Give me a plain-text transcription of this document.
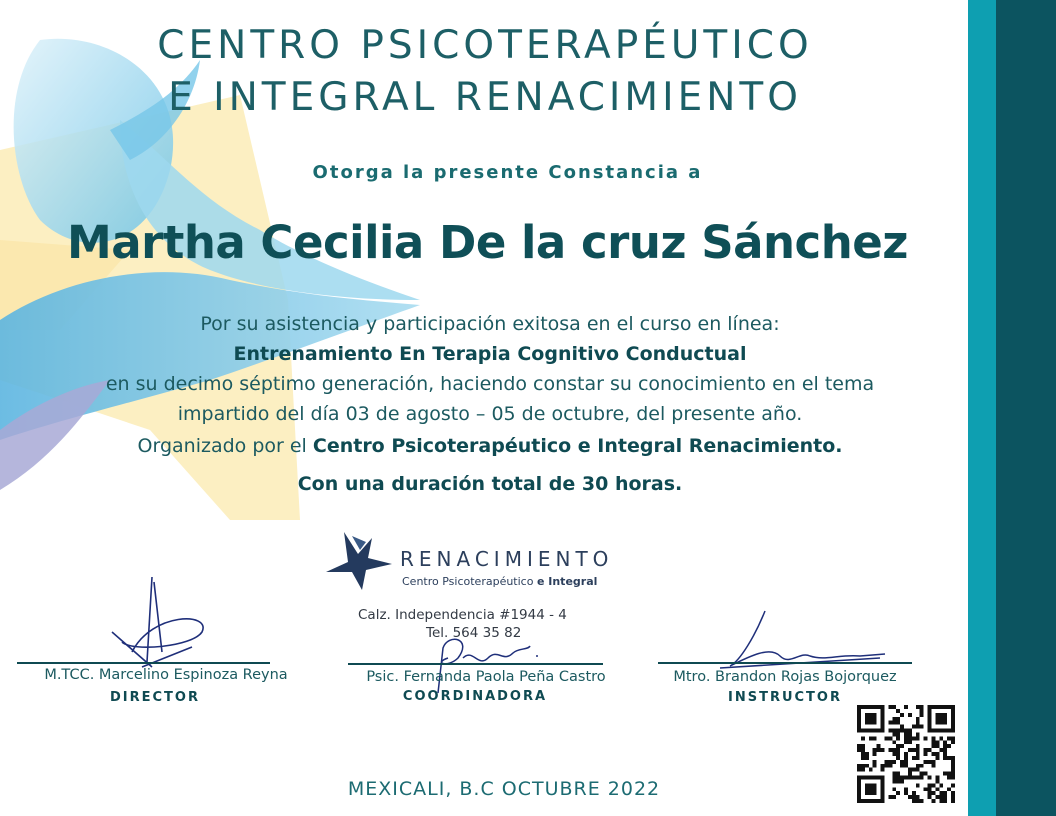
CENTRO PSICOTERAPÉUTICO
E INTEGRAL RENACIMIENTO
Otorga la presente Constancia a
Martha Cecilia De la cruz Sánchez
Por su asistencia y participación exitosa en el curso en línea:
Entrenamiento En Terapia Cognitivo Conductual
en su decimo séptimo generación, haciendo constar su conocimiento en el tema
impartido del día 03 de agosto – 05 de octubre, del presente año.
Organizado por el Centro Psicoterapéutico e Integral Renacimiento.
Con una duración total de 30 horas.
RENACIMIENTO
Centro Psicoterapéutico e Integral
Calz. Independencia #1944 - 4
Tel. 564 35 82
M.TCC. Marcelino Espinoza Reyna
DIRECTOR
Psic. Fernanda Paola Peña Castro
COORDINADORA
Mtro. Brandon Rojas Bojorquez
INSTRUCTOR
MEXICALI, B.C OCTUBRE 2022
